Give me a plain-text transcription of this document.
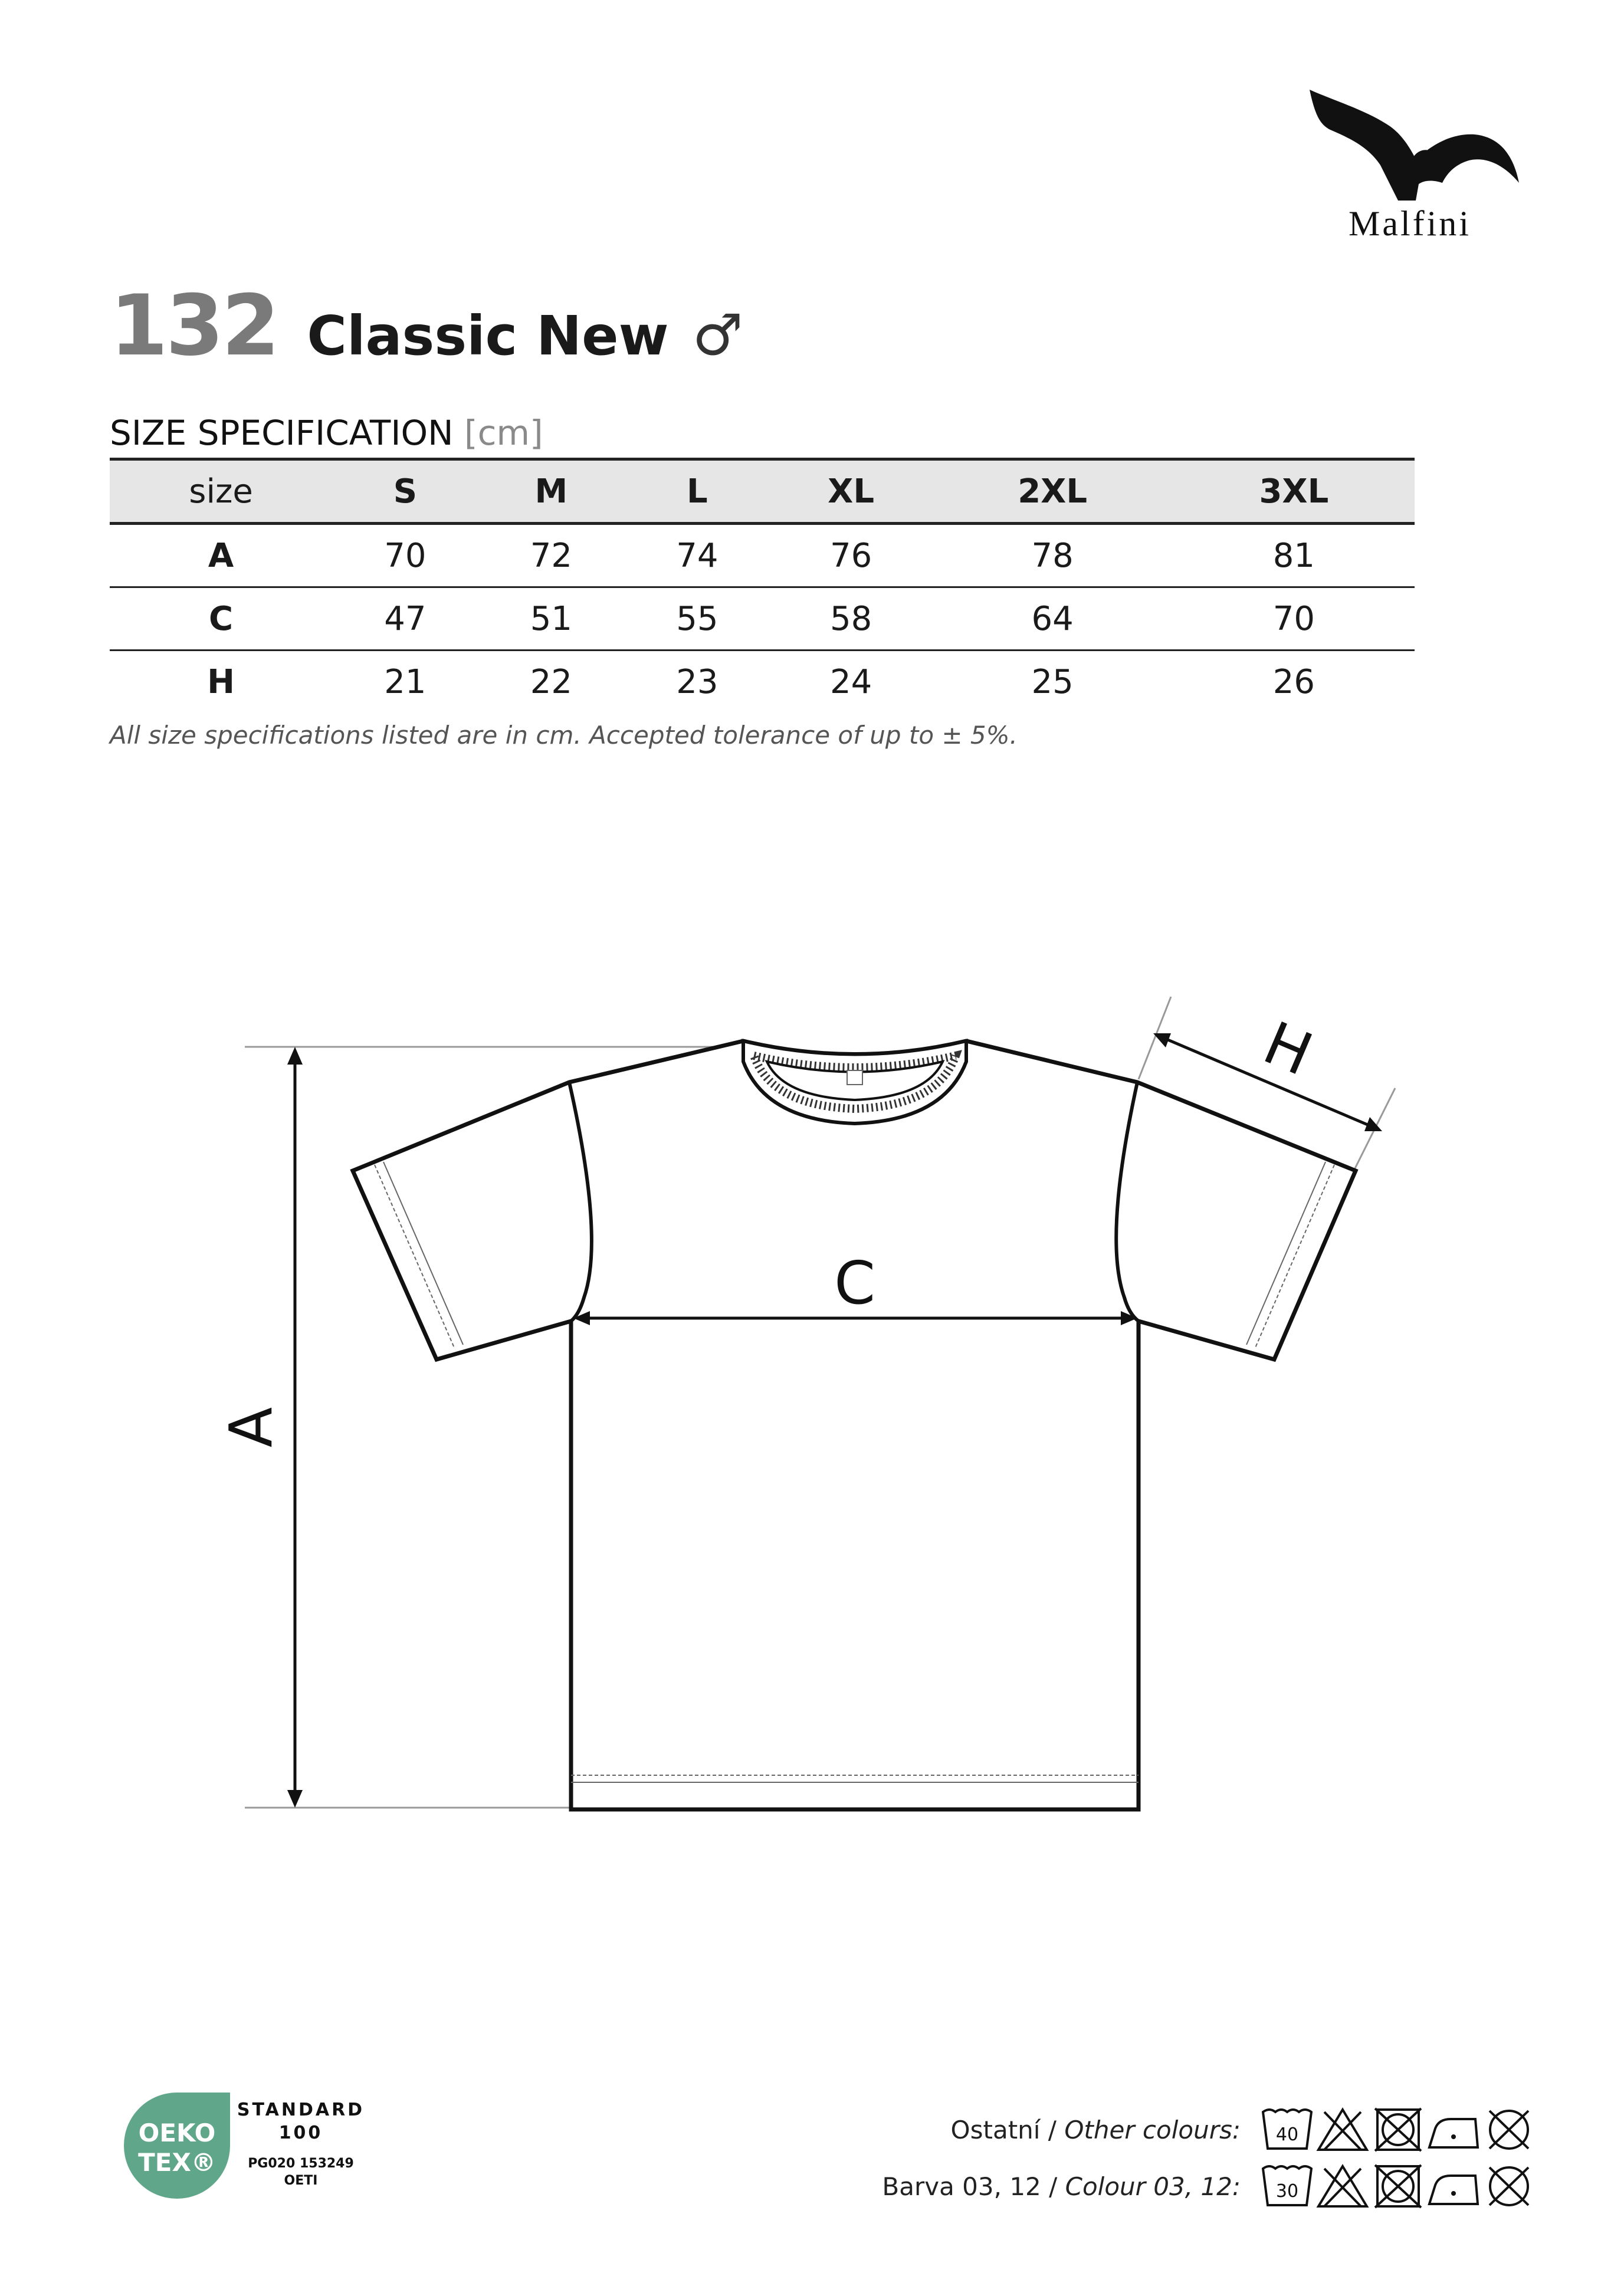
Malfini
132 Classic New ♂
SIZE SPECIFICATION [cm]
size	S	M	L	XL	2XL	3XL
A	70	72	74	76	78	81
C	47	51	55	58	64	70
H	21	22	23	24	25	26
All size specifications listed are in cm. Accepted tolerance of up to ± 5%.
A
H
C
OEKO
TEX®
STANDARD
100
PG020 153249
OETI
Ostatní / Other colours: 40
Barva 03, 12 / Colour 03, 12: 30
